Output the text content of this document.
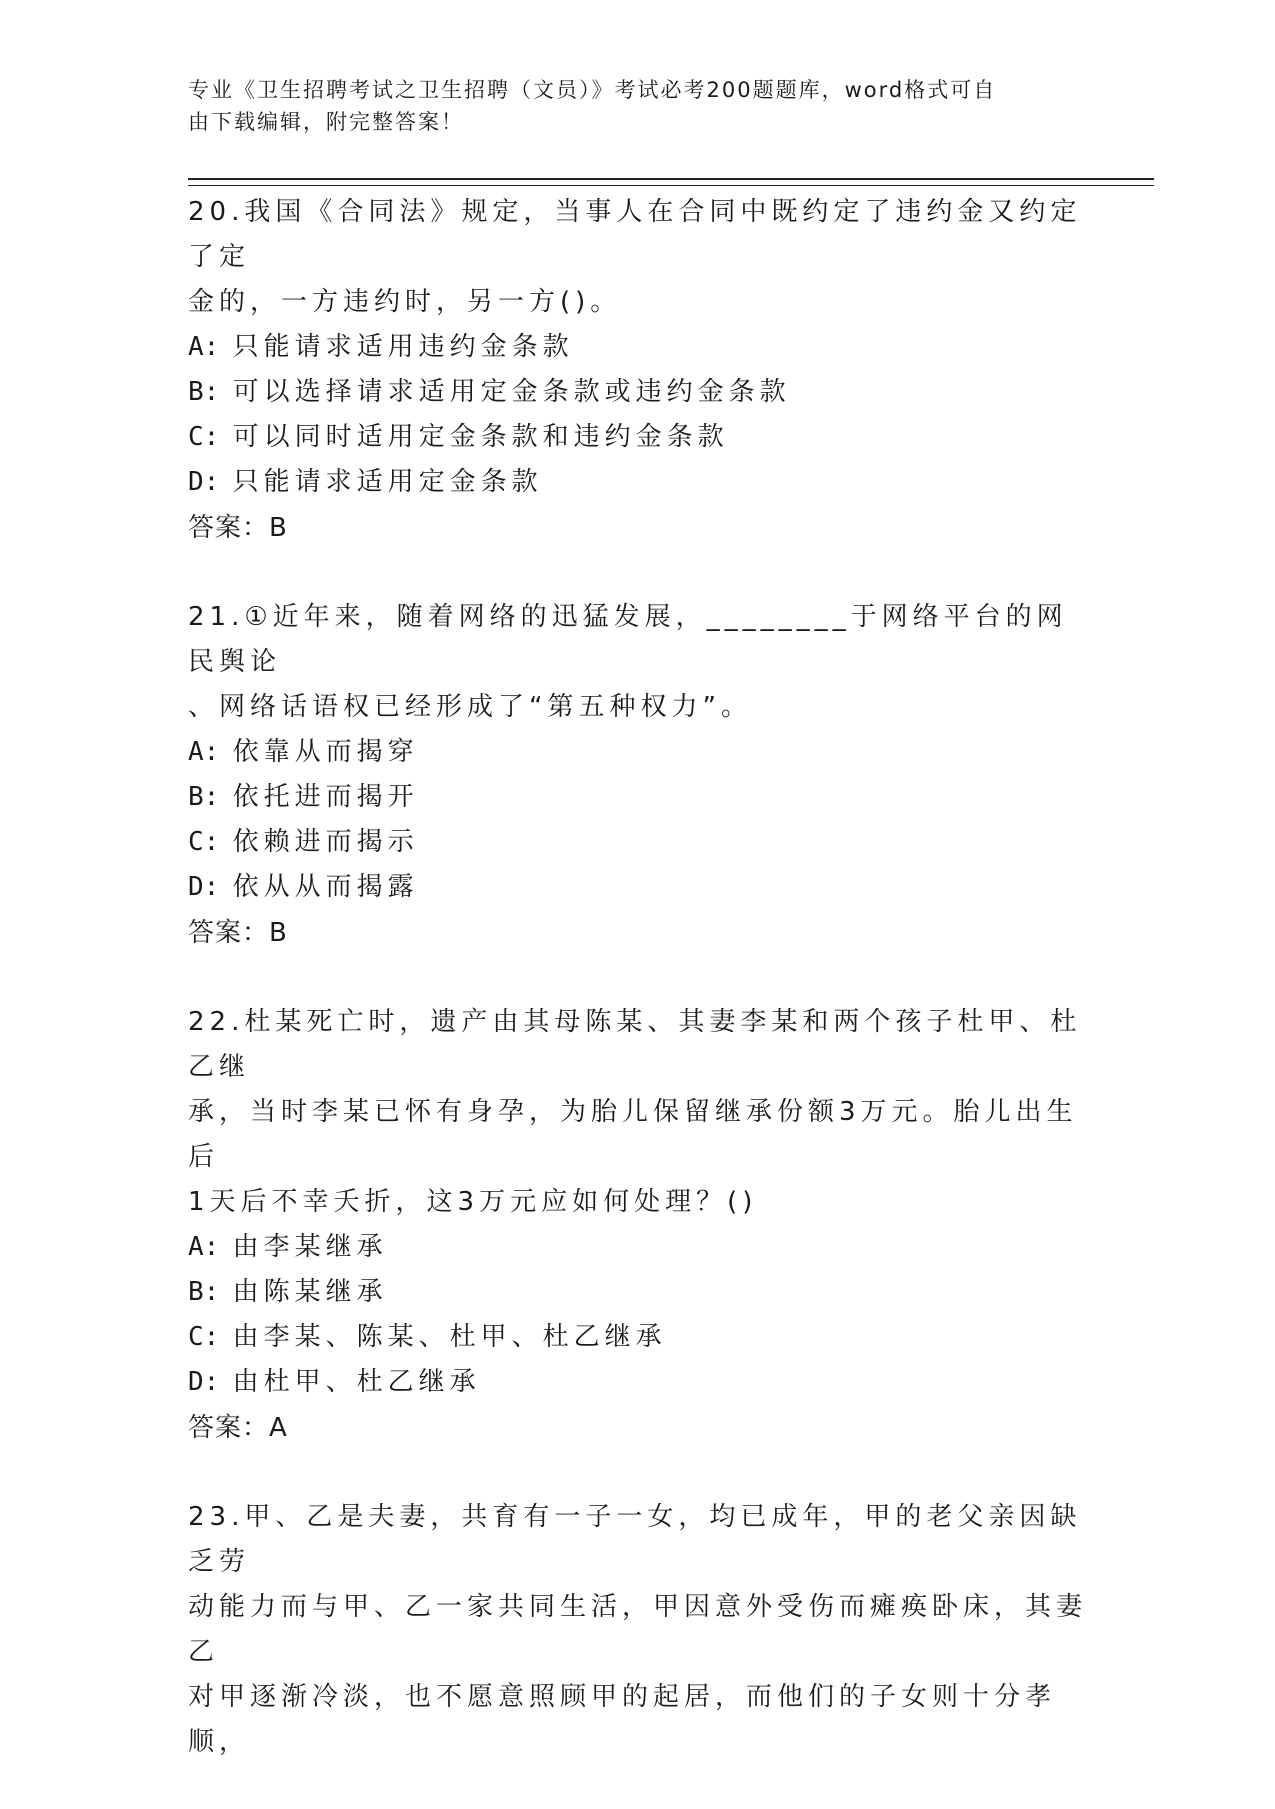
专业《卫生招聘考试之卫生招聘（文员）》考试必考200题题库，word格式可自
由下载编辑，附完整答案！
20.我国《合同法》规定，当事人在合同中既约定了违约金又约定了定
金的，一方违约时，另一方()。
A: 只能请求适用违约金条款
B: 可以选择请求适用定金条款或违约金条款
C: 可以同时适用定金条款和违约金条款
D: 只能请求适用定金条款
答案：B
21.①近年来，随着网络的迅猛发展，________于网络平台的网民舆论
、网络话语权已经形成了“第五种权力”。
A: 依靠从而揭穿
B: 依托进而揭开
C: 依赖进而揭示
D: 依从从而揭露
答案：B
22.杜某死亡时，遗产由其母陈某、其妻李某和两个孩子杜甲、杜乙继
承，当时李某已怀有身孕，为胎儿保留继承份额3万元。胎儿出生后
1天后不幸夭折，这3万元应如何处理？()
A: 由李某继承
B: 由陈某继承
C: 由李某、陈某、杜甲、杜乙继承
D: 由杜甲、杜乙继承
答案：A
23.甲、乙是夫妻，共育有一子一女，均已成年，甲的老父亲因缺乏劳
动能力而与甲、乙一家共同生活，甲因意外受伤而瘫痪卧床，其妻乙
对甲逐渐冷淡，也不愿意照顾甲的起居，而他们的子女则十分孝顺，
